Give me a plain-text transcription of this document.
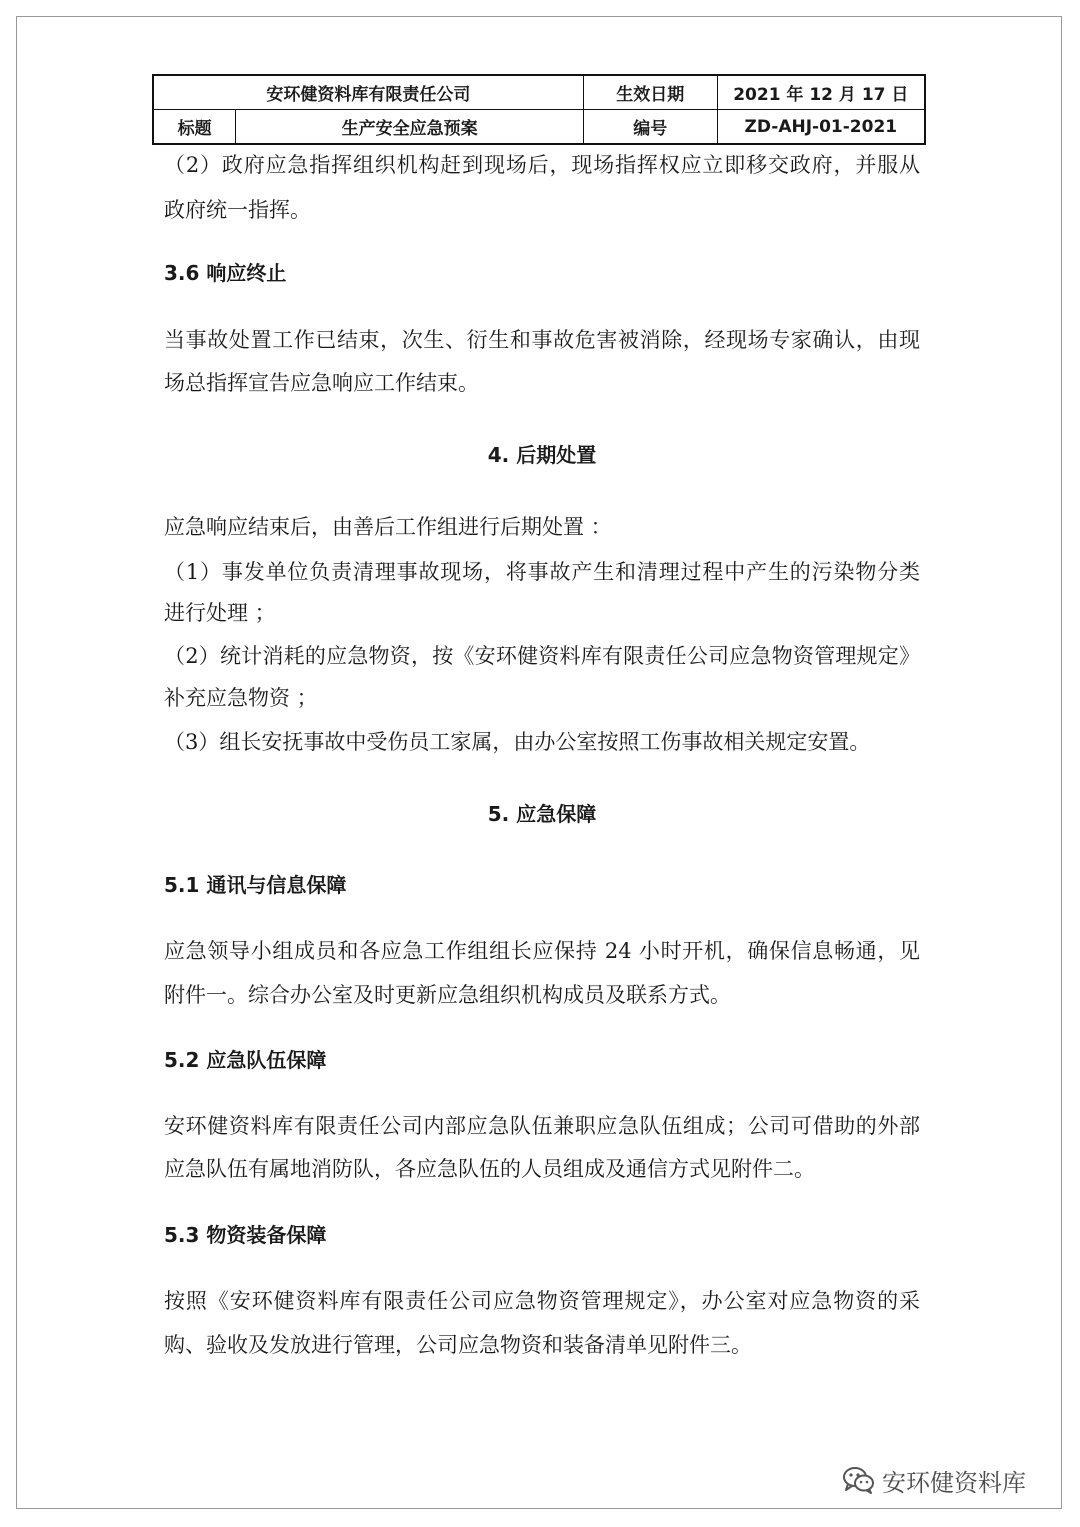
安环健资料库有限责任公司		生效日期	2021 年 12 月 17 日
标题	生产安全应急预案	编号	ZD-AHJ-01-2021
（2）政府应急指挥组织机构赶到现场后，现场指挥权应立即移交政府，并服从
政府统一指挥。
3.6 响应终止
当事故处置工作已结束，次生、衍生和事故危害被消除，经现场专家确认，由现
场总指挥宣告应急响应工作结束。
4. 后期处置
应急响应结束后，由善后工作组进行后期处置 ：
（1）事发单位负责清理事故现场，将事故产生和清理过程中产生的污染物分类
进行处理 ；
（2）统计消耗的应急物资，按《安环健资料库有限责任公司应急物资管理规定》
补充应急物资 ；
（3）组长安抚事故中受伤员工家属，由办公室按照工伤事故相关规定安置。
5. 应急保障
5.1 通讯与信息保障
应急领导小组成员和各应急工作组组长应保持 24 小时开机，确保信息畅通，见
附件一。综合办公室及时更新应急组织机构成员及联系方式。
5.2 应急队伍保障
安环健资料库有限责任公司内部应急队伍兼职应急队伍组成；公司可借助的外部
应急队伍有属地消防队，各应急队伍的人员组成及通信方式见附件二。
5.3 物资装备保障
按照《安环健资料库有限责任公司应急物资管理规定》，办公室对应急物资的采
购、验收及发放进行管理，公司应急物资和装备清单见附件三。
安环健资料库
